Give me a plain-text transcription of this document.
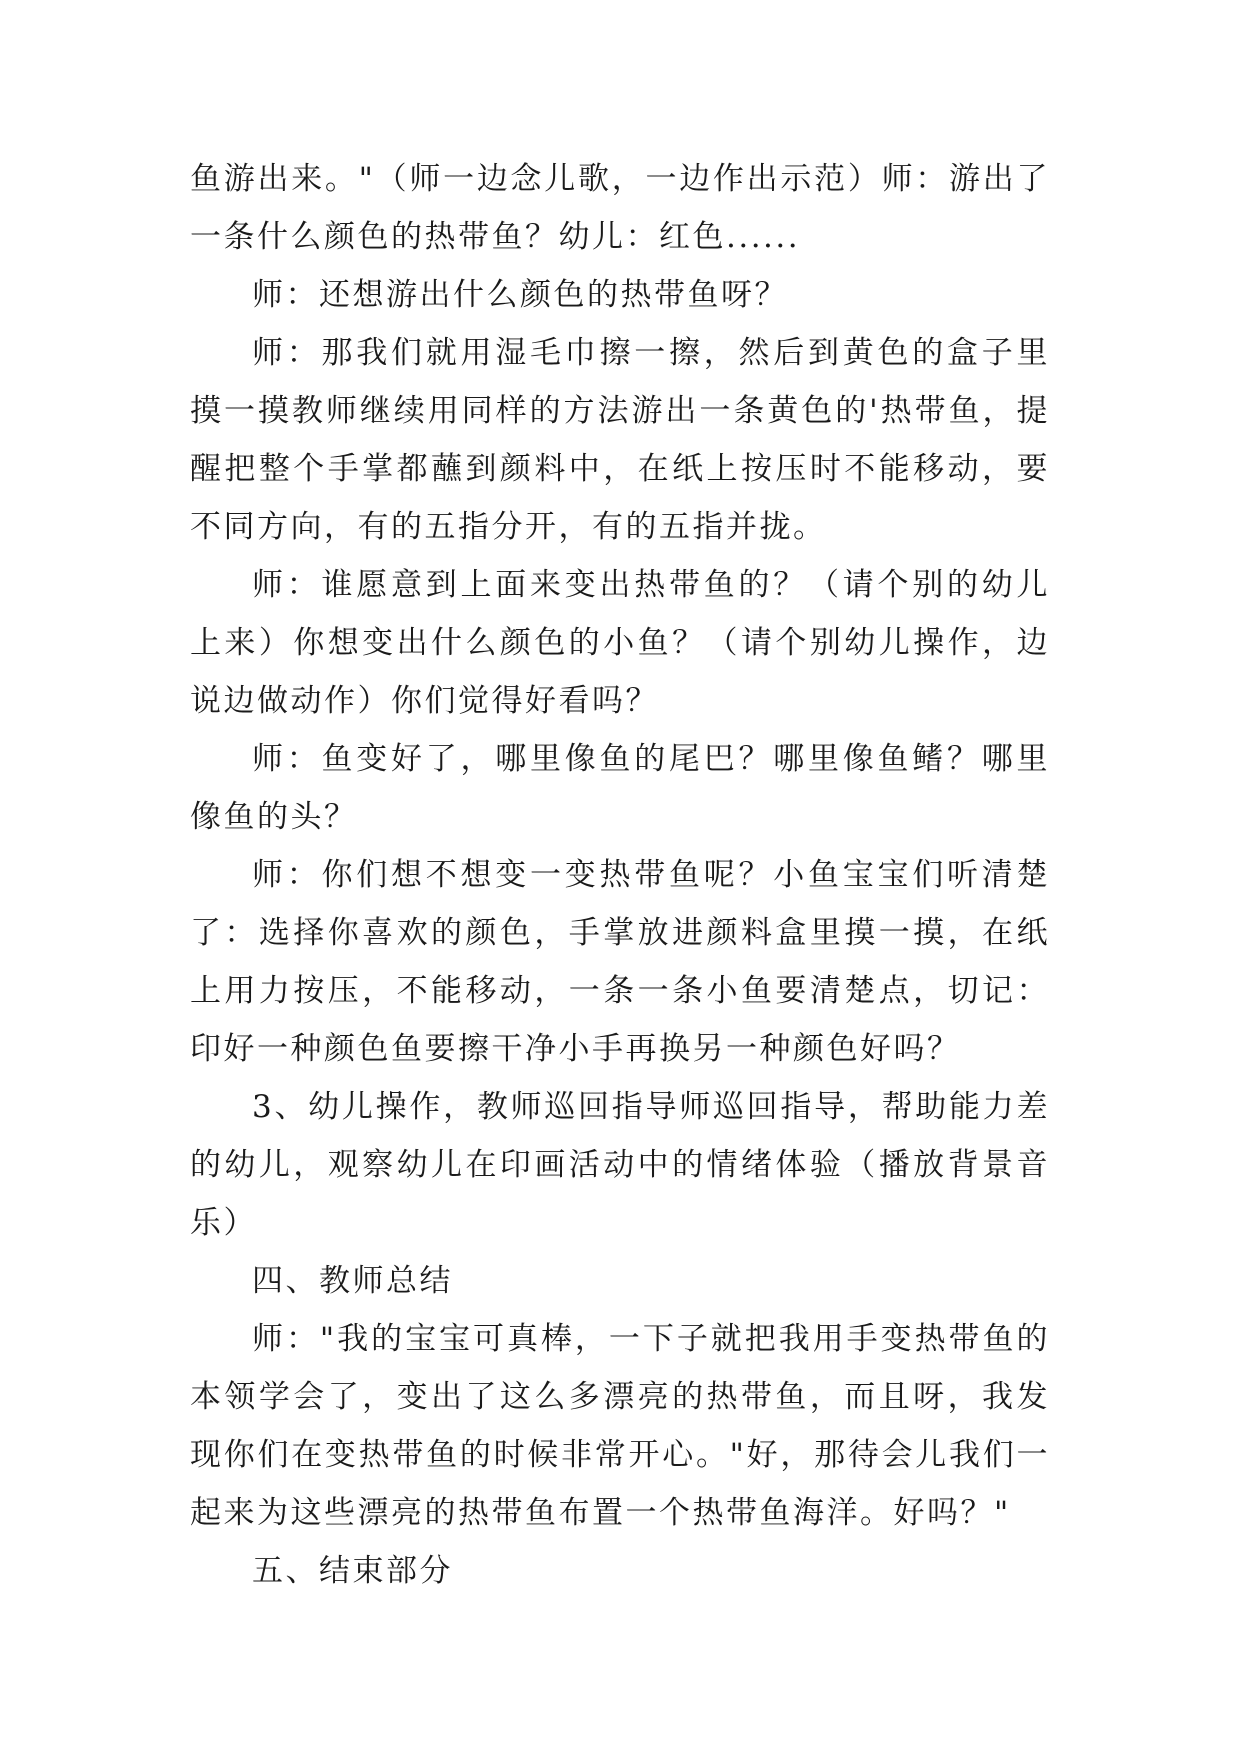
鱼游出来。"（师一边念儿歌，一边作出示范）师：游出了一条什么颜色的热带鱼？幼儿：红色......

师：还想游出什么颜色的热带鱼呀？

师：那我们就用湿毛巾擦一擦，然后到黄色的盒子里摸一摸教师继续用同样的方法游出一条黄色的'热带鱼，提醒把整个手掌都蘸到颜料中，在纸上按压时不能移动，要不同方向，有的五指分开，有的五指并拢。

师：谁愿意到上面来变出热带鱼的？（请个别的幼儿上来）你想变出什么颜色的小鱼？（请个别幼儿操作，边说边做动作）你们觉得好看吗？

师：鱼变好了，哪里像鱼的尾巴？哪里像鱼鳍？哪里像鱼的头？

师：你们想不想变一变热带鱼呢？小鱼宝宝们听清楚了：选择你喜欢的颜色，手掌放进颜料盒里摸一摸，在纸上用力按压，不能移动，一条一条小鱼要清楚点，切记：印好一种颜色鱼要擦干净小手再换另一种颜色好吗？

3、幼儿操作，教师巡回指导师巡回指导，帮助能力差的幼儿，观察幼儿在印画活动中的情绪体验（播放背景音乐）

四、教师总结

师："我的宝宝可真棒，一下子就把我用手变热带鱼的本领学会了，变出了这么多漂亮的热带鱼，而且呀，我发现你们在变热带鱼的时候非常开心。"好，那待会儿我们一起来为这些漂亮的热带鱼布置一个热带鱼海洋。好吗？"

五、结束部分
